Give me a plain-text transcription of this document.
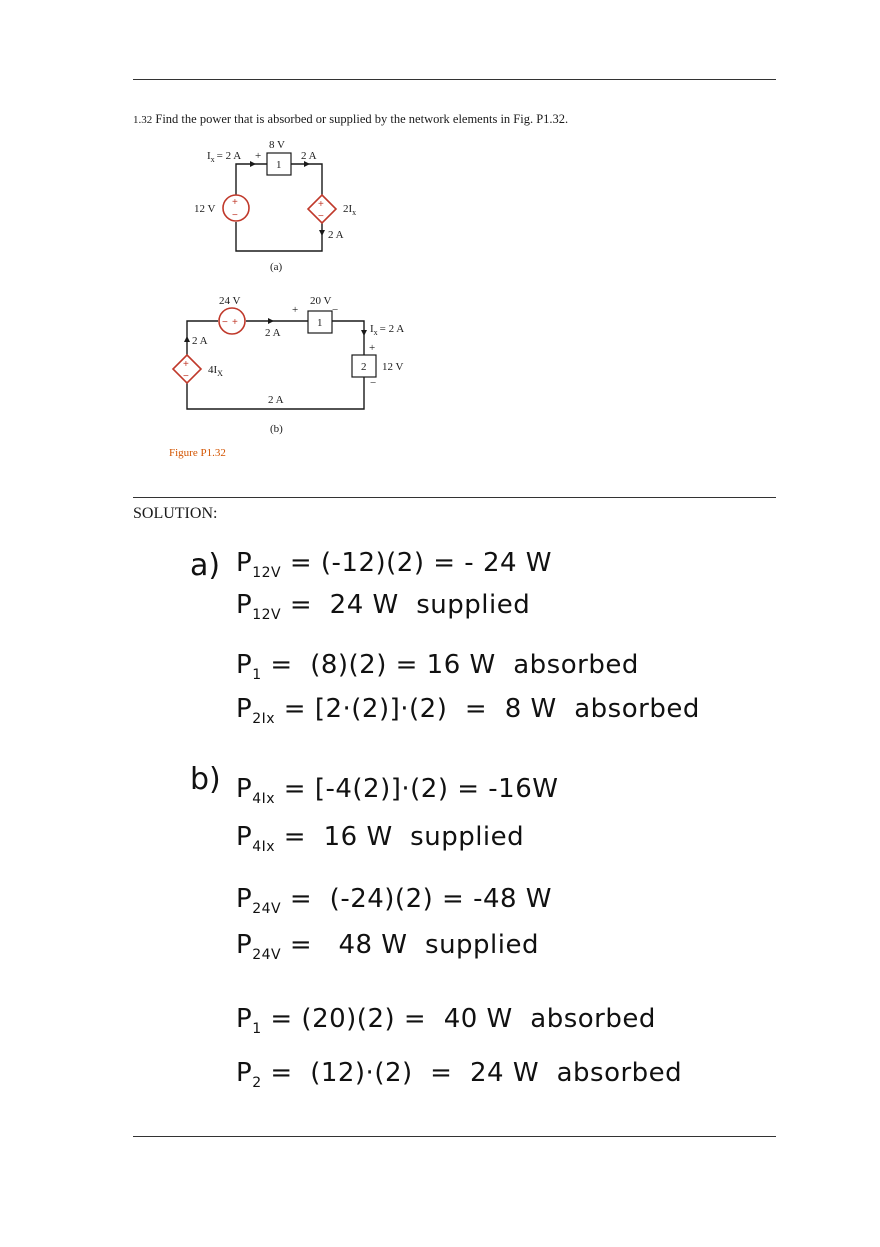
1.32 Find the power that is absorbed or supplied by the network elements in Fig. P1.32.
1
+
−
+
−
$I_x = 2$ A +
8 V
2 A
12 V	$2I_x$
2 A
(a)
− +	1
2
+
−
24 V
+
20 V
−
2 A	$I_x = 2$ A
+
−
12 V
2 A
$4I_X$
2 A
(b)
Figure P1.32
SOLUTION:
a) $P_{12V} = (-12)(2)$ = - 24 W
$P_{12V} = 24$ W  supplied
$P_1 = (8)(2) = 16$ W  absorbed
$P_{2Ix} = [2\cdot(2)]\cdot(2) = 8$ W  absorbed
b) $P_{4Ix} = [-4(2)]\cdot(2) = -16W$
$P_{4Ix} = 16$ W  supplied
$P_{24V} = (-24)(2) = -48$ W
$P_{24V} = 48$ W  supplied
$P_1 = (20)(2) = 40$ W  absorbed
$P_2 = (12)\cdot(2) = 24$ W  absorbed
